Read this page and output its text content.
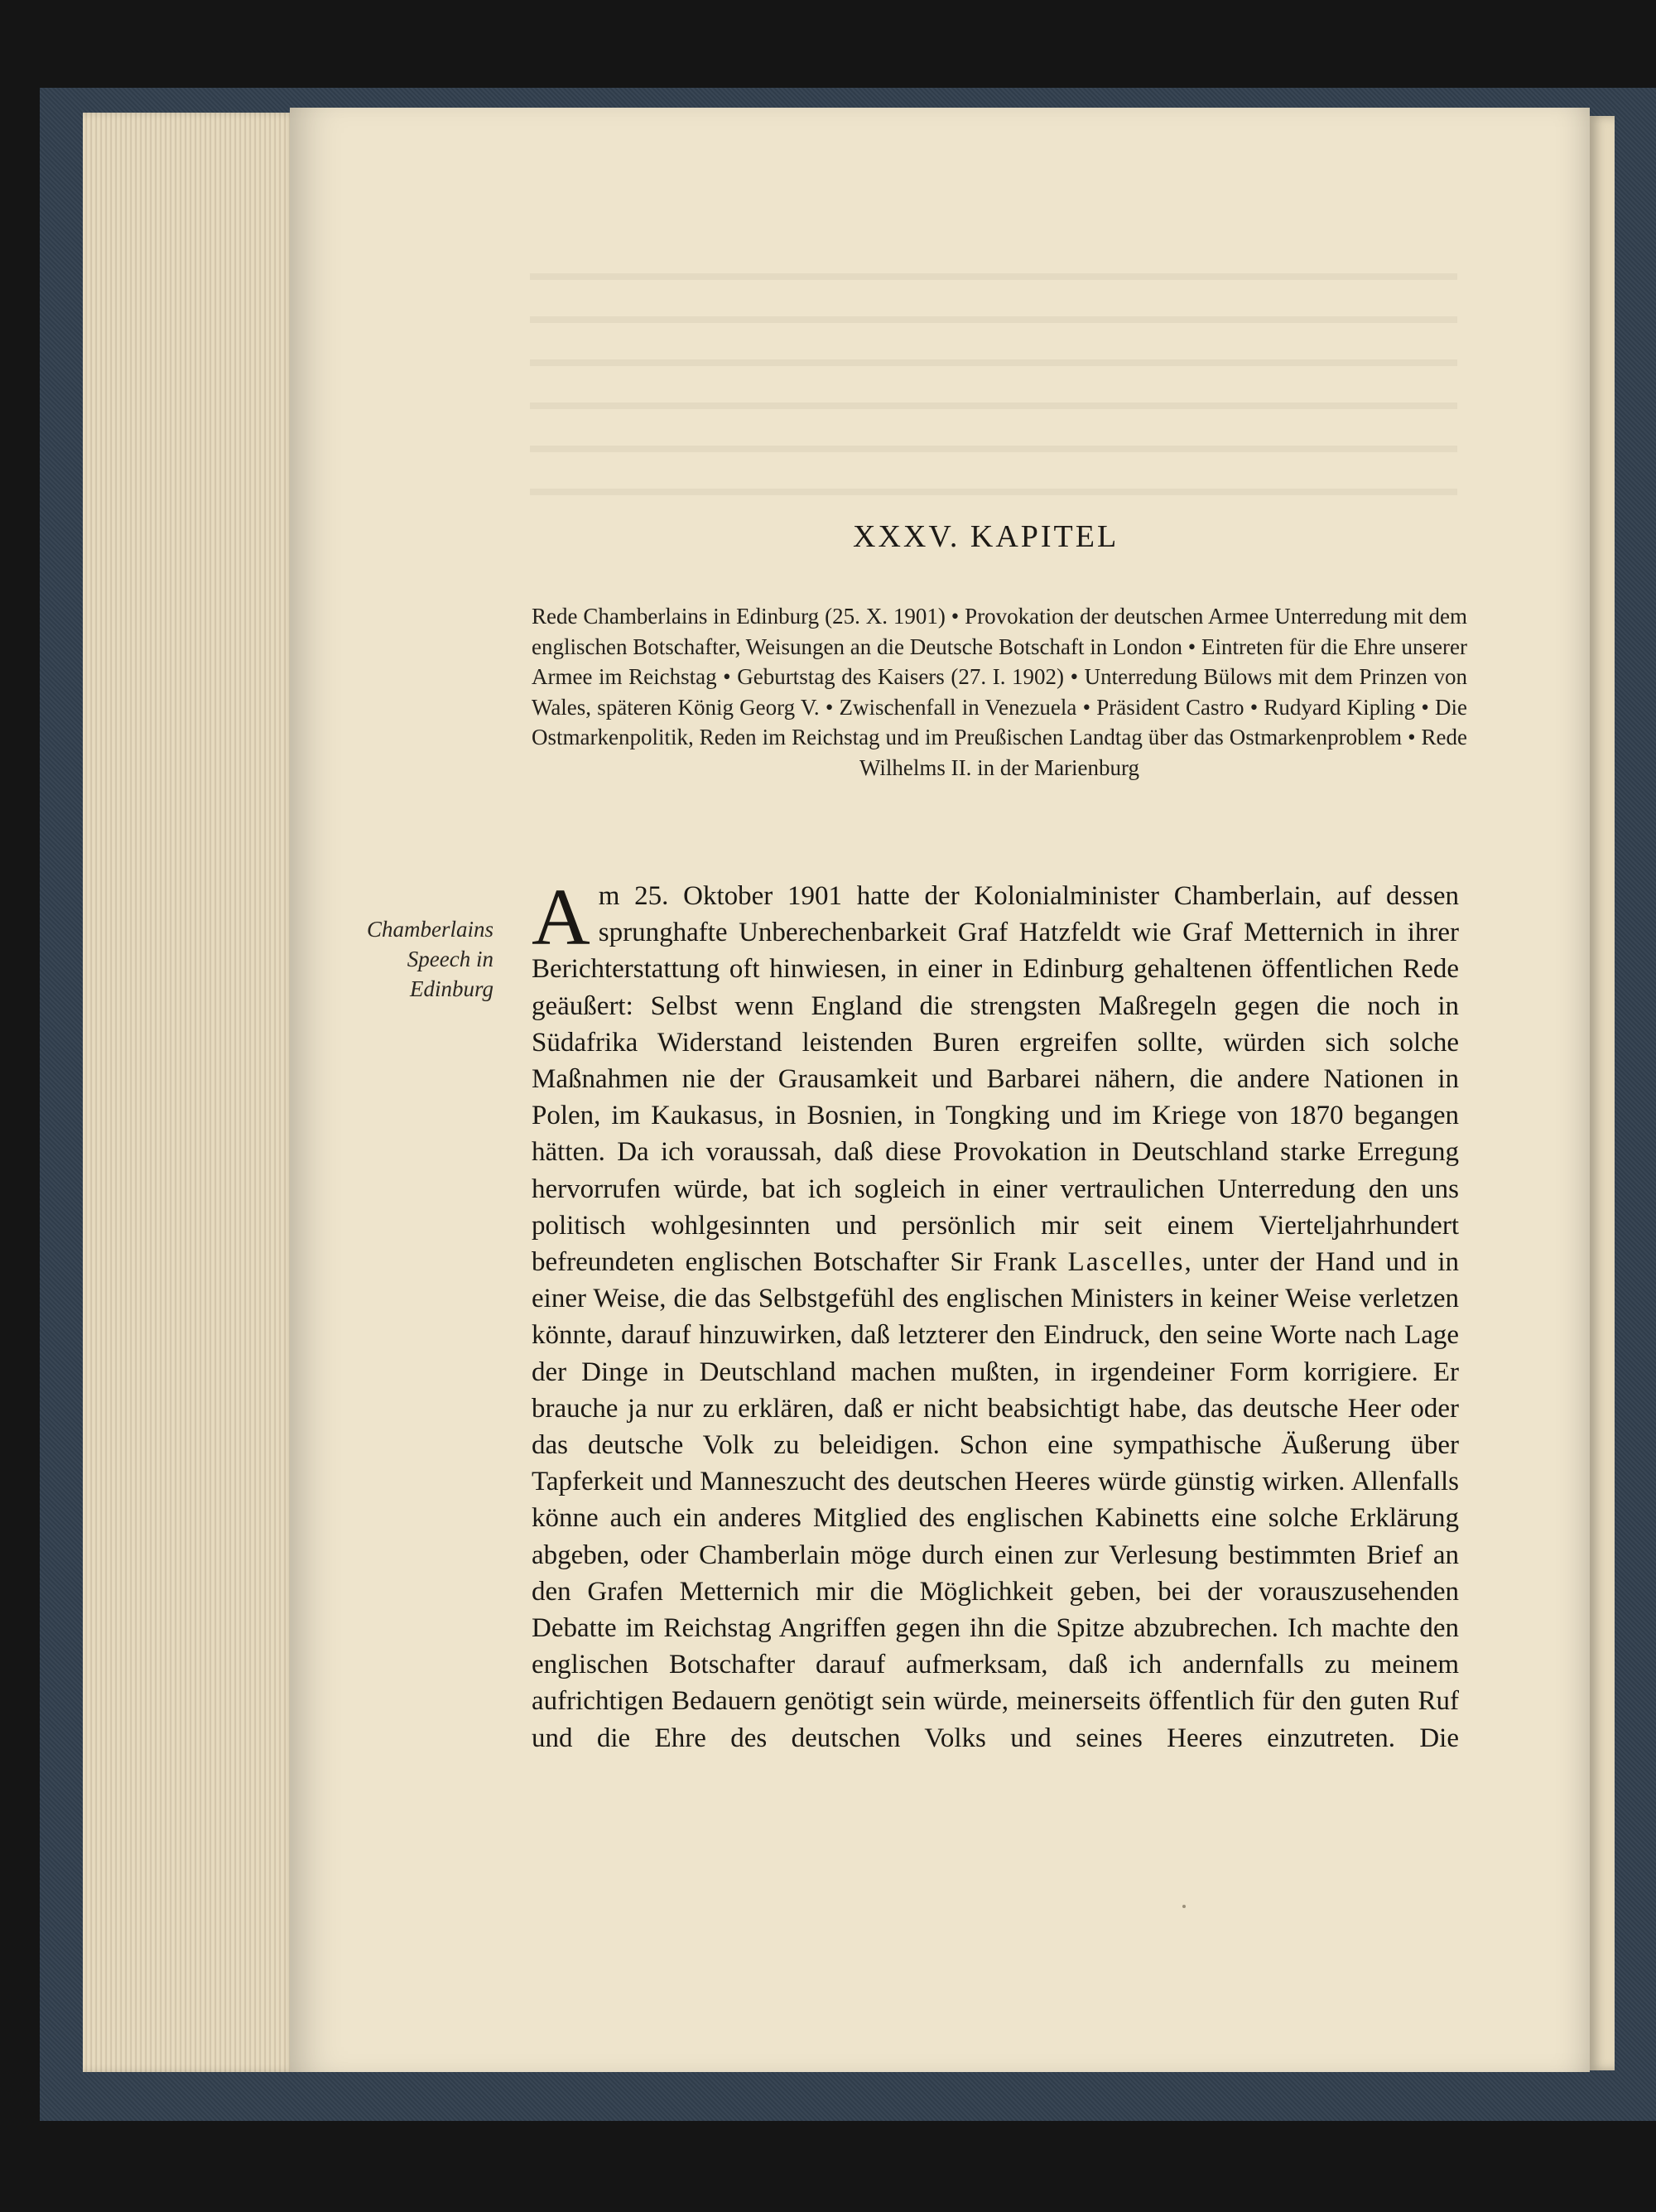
XXXV. KAPITEL
Rede Chamberlains in Edinburg (25. X. 1901) • Provokation der deutschen Armee Unterredung mit dem englischen Botschafter, Weisungen an die Deutsche Botschaft in London • Eintreten für die Ehre unserer Armee im Reichstag • Geburtstag des Kaisers (27. I. 1902) • Unterredung Bülows mit dem Prinzen von Wales, späteren König Georg V. • Zwischenfall in Venezuela • Präsident Castro • Rudyard Kipling • Die Ostmarkenpolitik, Reden im Reichstag und im Preußischen Landtag über das Ostmarkenproblem • Rede Wilhelms II. in der Marienburg
Chamberlains Speech in Edinburg
Am 25. Oktober 1901 hatte der Kolonialminister Chamberlain, auf dessen sprunghafte Unberechenbarkeit Graf Hatzfeldt wie Graf Metternich in ihrer Berichterstattung oft hinwiesen, in einer in Edinburg gehaltenen öffentlichen Rede geäußert: Selbst wenn England die strengsten Maßregeln gegen die noch in Südafrika Widerstand leistenden Buren ergreifen sollte, würden sich solche Maßnahmen nie der Grausamkeit und Barbarei nähern, die andere Nationen in Polen, im Kaukasus, in Bosnien, in Tongking und im Kriege von 1870 begangen hätten. Da ich voraussah, daß diese Provokation in Deutschland starke Erregung hervorrufen würde, bat ich sogleich in einer vertraulichen Unterredung den uns politisch wohlgesinnten und persönlich mir seit einem Vierteljahrhundert befreundeten englischen Botschafter Sir Frank Lascelles, unter der Hand und in einer Weise, die das Selbstgefühl des englischen Ministers in keiner Weise verletzen könnte, darauf hinzuwirken, daß letzterer den Eindruck, den seine Worte nach Lage der Dinge in Deutschland machen mußten, in irgendeiner Form korrigiere. Er brauche ja nur zu erklären, daß er nicht beabsichtigt habe, das deutsche Heer oder das deutsche Volk zu beleidigen. Schon eine sympathische Äußerung über Tapferkeit und Manneszucht des deutschen Heeres würde günstig wirken. Allenfalls könne auch ein anderes Mitglied des englischen Kabinetts eine solche Erklärung abgeben, oder Chamberlain möge durch einen zur Verlesung bestimmten Brief an den Grafen Metternich mir die Möglichkeit geben, bei der vorauszusehenden Debatte im Reichstag Angriffen gegen ihn die Spitze abzubrechen. Ich machte den englischen Botschafter darauf aufmerksam, daß ich andernfalls zu meinem aufrichtigen Bedauern genötigt sein würde, meinerseits öffentlich für den guten Ruf und die Ehre des deutschen Volks und seines Heeres einzutreten. Die
